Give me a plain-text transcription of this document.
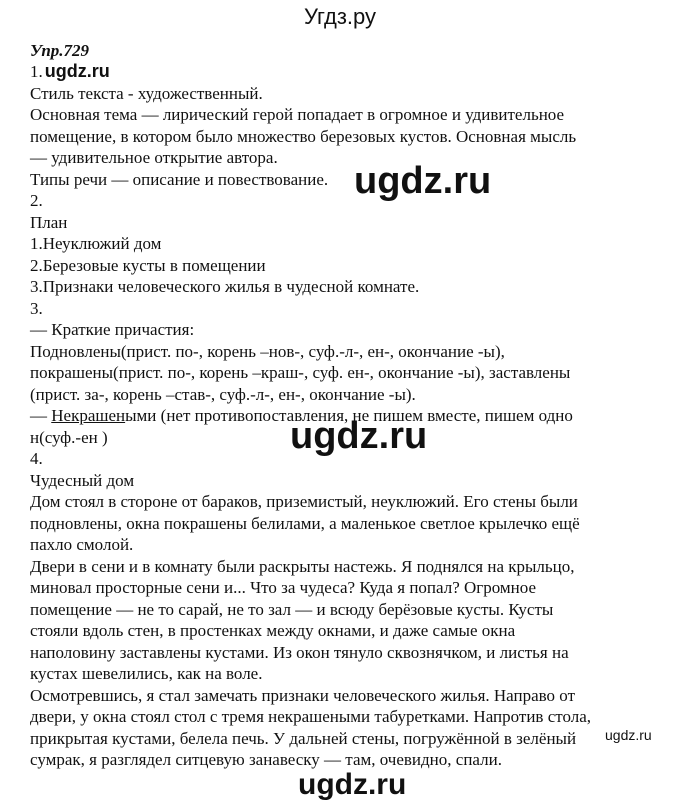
Угдз.ру

Упр.729

1. ugdz.ru

Стиль текста - художественный.

Основная тема — лирический герой попадает в огромное и удивительное

помещение, в котором было множество березовых кустов. Основная мысль

— удивительное открытие автора.

Типы речи — описание и повествование.

2.

План

1.Неуклюжий дом

2.Березовые кусты в помещении

3.Признаки человеческого жилья в чудесной комнате.

3.

— Краткие причастия:

Подновлены(прист. по-, корень –нов-, суф.-л-, ен-, окончание -ы),

покрашены(прист. по-, корень –краш-, суф. ен-, окончание -ы), заставлены

(прист. за-, корень –став-, суф.-л-, ен-, окончание -ы).

— Некрашеными (нет противопоставления, не пишем вместе, пишем одно

н(суф.-ен )

4.

Чудесный дом

Дом стоял в стороне от бараков, приземистый, неуклюжий. Его стены были

подновлены, окна покрашены белилами, а маленькое светлое крылечко ещё

пахло смолой.

Двери в сени и в комнату были раскрыты настежь. Я поднялся на крыльцо,

миновал просторные сени и... Что за чудеса? Куда я попал? Огромное

помещение — не то сарай, не то зал — и всюду берёзовые кусты. Кусты

стояли вдоль стен, в простенках между окнами, и даже самые окна

наполовину заставлены кустами. Из окон тянуло сквознячком, и листья на

кустах шевелились, как на воле.

Осмотревшись, я стал замечать признаки человеческого жилья. Направо от

двери, у окна стоял стол с тремя некрашеными табуретками. Напротив стола,

прикрытая кустами, белела печь. У дальней стены, погружённой в зелёный

сумрак, я разглядел ситцевую занавеску — там, очевидно, спали.

ugdz.ru
ugdz.ru
ugdz.ru
ugdz.ru
